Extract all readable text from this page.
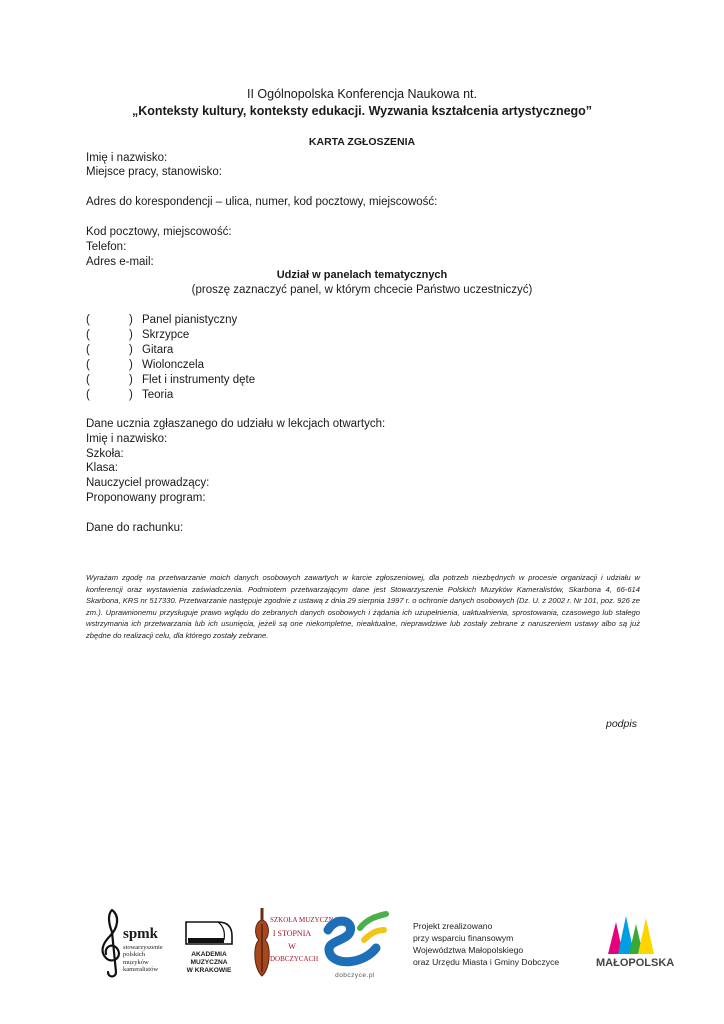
II Ogólnopolska Konferencja Naukowa nt.
„Konteksty kultury, konteksty edukacji. Wyzwania kształcenia artystycznego”
KARTA ZGŁOSZENIA
Imię i nazwisko:
Miejsce pracy, stanowisko:
Adres do korespondencji – ulica, numer, kod pocztowy, miejscowość:
Kod pocztowy, miejscowość:
Telefon:
Adres e-mail:
Udział w panelach tematycznych
(proszę zaznaczyć panel, w którym chcecie Państwo uczestniczyć)
(	) Panel pianistyczny
(	) Skrzypce
(	) Gitara
(	) Wiolonczela
(	) Flet i instrumenty dęte
(	) Teoria
Dane ucznia zgłaszanego do udziału w lekcjach otwartych:
Imię i nazwisko:
Szkoła:
Klasa:
Nauczyciel prowadzący:
Proponowany program:
Dane do rachunku:
Wyrażam zgodę na przetwarzanie moich danych osobowych zawartych w karcie zgłoszeniowej, dla potrzeb niezbędnych w procesie organizacji i udziału w konferencji oraz wystawienia zaświadczenia. Podmiotem przetwarzającym dane jest Stowarzyszenie Polskich Muzyków Kameralistów, Skarbona 4, 66-614 Skarbona, KRS nr 517330. Przetwarzanie następuje zgodnie z ustawą z dnia 29 sierpnia 1997 r. o ochronie danych osobowych (Dz. U. z 2002 r. Nr 101, poz. 926 ze zm.). Uprawnionemu przysługuje prawo wglądu do zebranych danych osobowych i żądania ich uzupełnienia, uaktualnienia, sprostowania, czasowego lub stałego wstrzymania ich przetwarzania lub ich usunięcia, jeżeli są one niekompletne, nieaktualne, nieprawdziwe lub zostały zebrane z naruszeniem ustawy albo są już zbędne do realizacji celu, dla którego zostały zebrane.
podpis
spmk
stowarzyszenie
polskich
muzyków
kameralistów
AKADEMIA
MUZYCZNA
W KRAKOWIE
SZKOŁA MUZYCZNA
I STOPNIA
W
DOBCZYCACH
dobczyce.pl
Projekt zrealizowano
przy wsparciu finansowym
Województwa Małopolskiego
oraz Urzędu Miasta i Gminy Dobczyce	MAŁOPOLSKA
